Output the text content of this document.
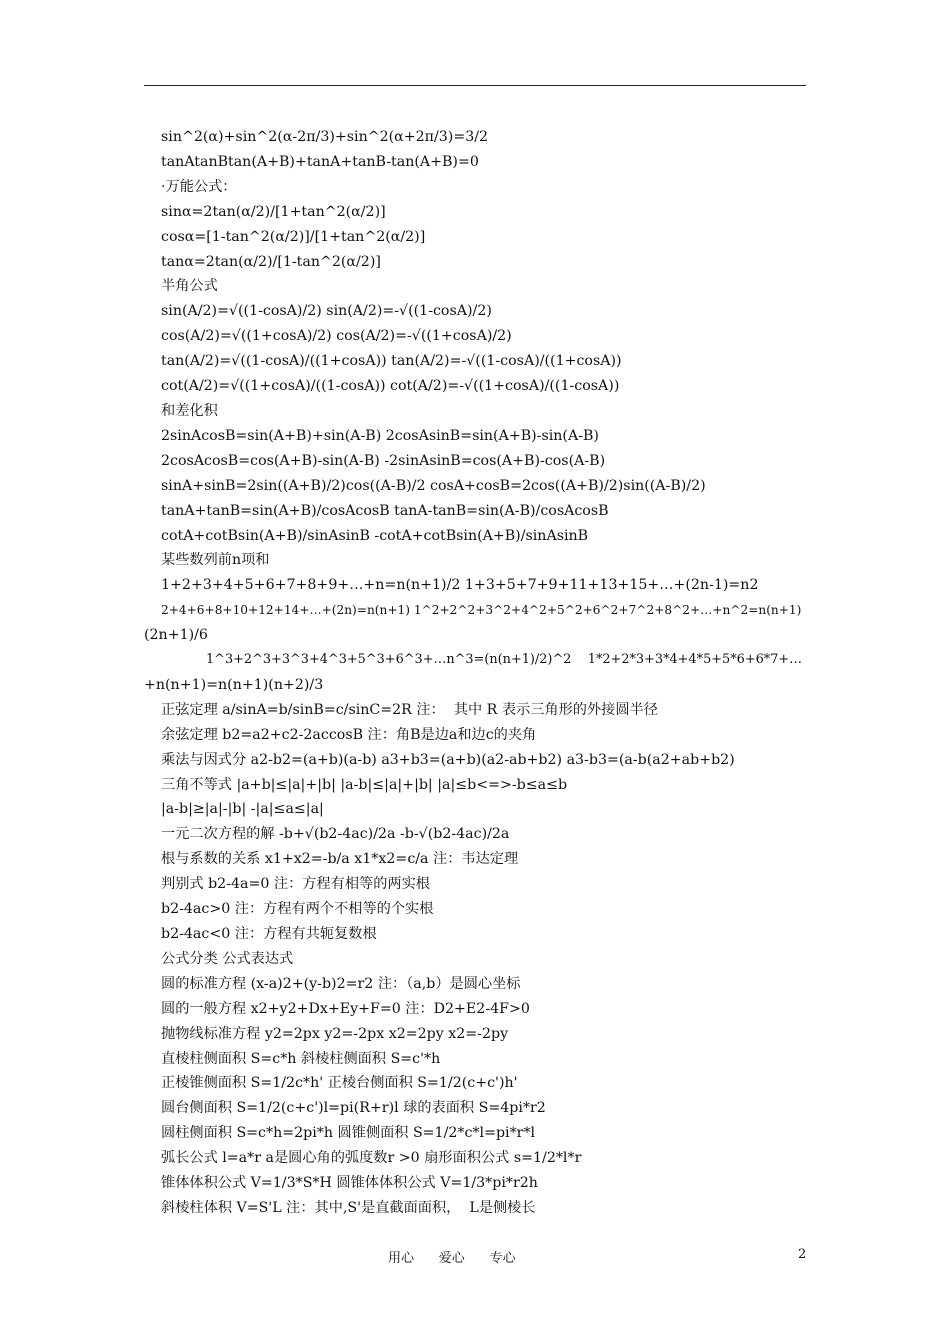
sin^2(α)+sin^2(α-2π/3)+sin^2(α+2π/3)=3/2
tanAtanBtan(A+B)+tanA+tanB-tan(A+B)=0
·万能公式：
sinα=2tan(α/2)/[1+tan^2(α/2)]
cosα=[1-tan^2(α/2)]/[1+tan^2(α/2)]
tanα=2tan(α/2)/[1-tan^2(α/2)]
半角公式
sin(A/2)=√((1-cosA)/2) sin(A/2)=-√((1-cosA)/2)
cos(A/2)=√((1+cosA)/2) cos(A/2)=-√((1+cosA)/2)
tan(A/2)=√((1-cosA)/((1+cosA)) tan(A/2)=-√((1-cosA)/((1+cosA))
cot(A/2)=√((1+cosA)/((1-cosA)) cot(A/2)=-√((1+cosA)/((1-cosA))
和差化积
2sinAcosB=sin(A+B)+sin(A-B) 2cosAsinB=sin(A+B)-sin(A-B)
2cosAcosB=cos(A+B)-sin(A-B) -2sinAsinB=cos(A+B)-cos(A-B)
sinA+sinB=2sin((A+B)/2)cos((A-B)/2 cosA+cosB=2cos((A+B)/2)sin((A-B)/2)
tanA+tanB=sin(A+B)/cosAcosB tanA-tanB=sin(A-B)/cosAcosB
cotA+cotBsin(A+B)/sinAsinB -cotA+cotBsin(A+B)/sinAsinB
某些数列前n项和
1+2+3+4+5+6+7+8+9+…+n=n(n+1)/2 1+3+5+7+9+11+13+15+…+(2n-1)=n2
2+4+6+8+10+12+14+…+(2n)=n(n+1) 1^2+2^2+3^2+4^2+5^2+6^2+7^2+8^2+…+n^2=n(n+1)
(2n+1)/6
1^3+2^3+3^3+4^3+5^3+6^3+…n^3=(n(n+1)/2)^2    1*2+2*3+3*4+4*5+5*6+6*7+…
+n(n+1)=n(n+1)(n+2)/3
正弦定理 a/sinA=b/sinB=c/sinC=2R 注：  其中 R 表示三角形的外接圆半径
余弦定理 b2=a2+c2-2accosB 注：角B是边a和边c的夹角
乘法与因式分 a2-b2=(a+b)(a-b) a3+b3=(a+b)(a2-ab+b2) a3-b3=(a-b(a2+ab+b2)
三角不等式 |a+b|≤|a|+|b| |a-b|≤|a|+|b| |a|≤b<=>-b≤a≤b
|a-b|≥|a|-|b| -|a|≤a≤|a|
一元二次方程的解 -b+√(b2-4ac)/2a -b-√(b2-4ac)/2a
根与系数的关系 x1+x2=-b/a x1*x2=c/a 注：韦达定理
判别式 b2-4a=0 注：方程有相等的两实根
b2-4ac>0 注：方程有两个不相等的个实根
b2-4ac<0 注：方程有共轭复数根
公式分类 公式表达式
圆的标准方程 (x-a)2+(y-b)2=r2 注：（a,b）是圆心坐标
圆的一般方程 x2+y2+Dx+Ey+F=0 注：D2+E2-4F>0
抛物线标准方程 y2=2px y2=-2px x2=2py x2=-2py
直棱柱侧面积 S=c*h 斜棱柱侧面积 S=c'*h
正棱锥侧面积 S=1/2c*h' 正棱台侧面积 S=1/2(c+c')h'
圆台侧面积 S=1/2(c+c')l=pi(R+r)l 球的表面积 S=4pi*r2
圆柱侧面积 S=c*h=2pi*h 圆锥侧面积 S=1/2*c*l=pi*r*l
弧长公式 l=a*r a是圆心角的弧度数r >0 扇形面积公式 s=1/2*l*r
锥体体积公式 V=1/3*S*H 圆锥体体积公式 V=1/3*pi*r2h
斜棱柱体积 V=S'L 注：其中,S'是直截面面积，  L是侧棱长
用心      爱心      专心	2
